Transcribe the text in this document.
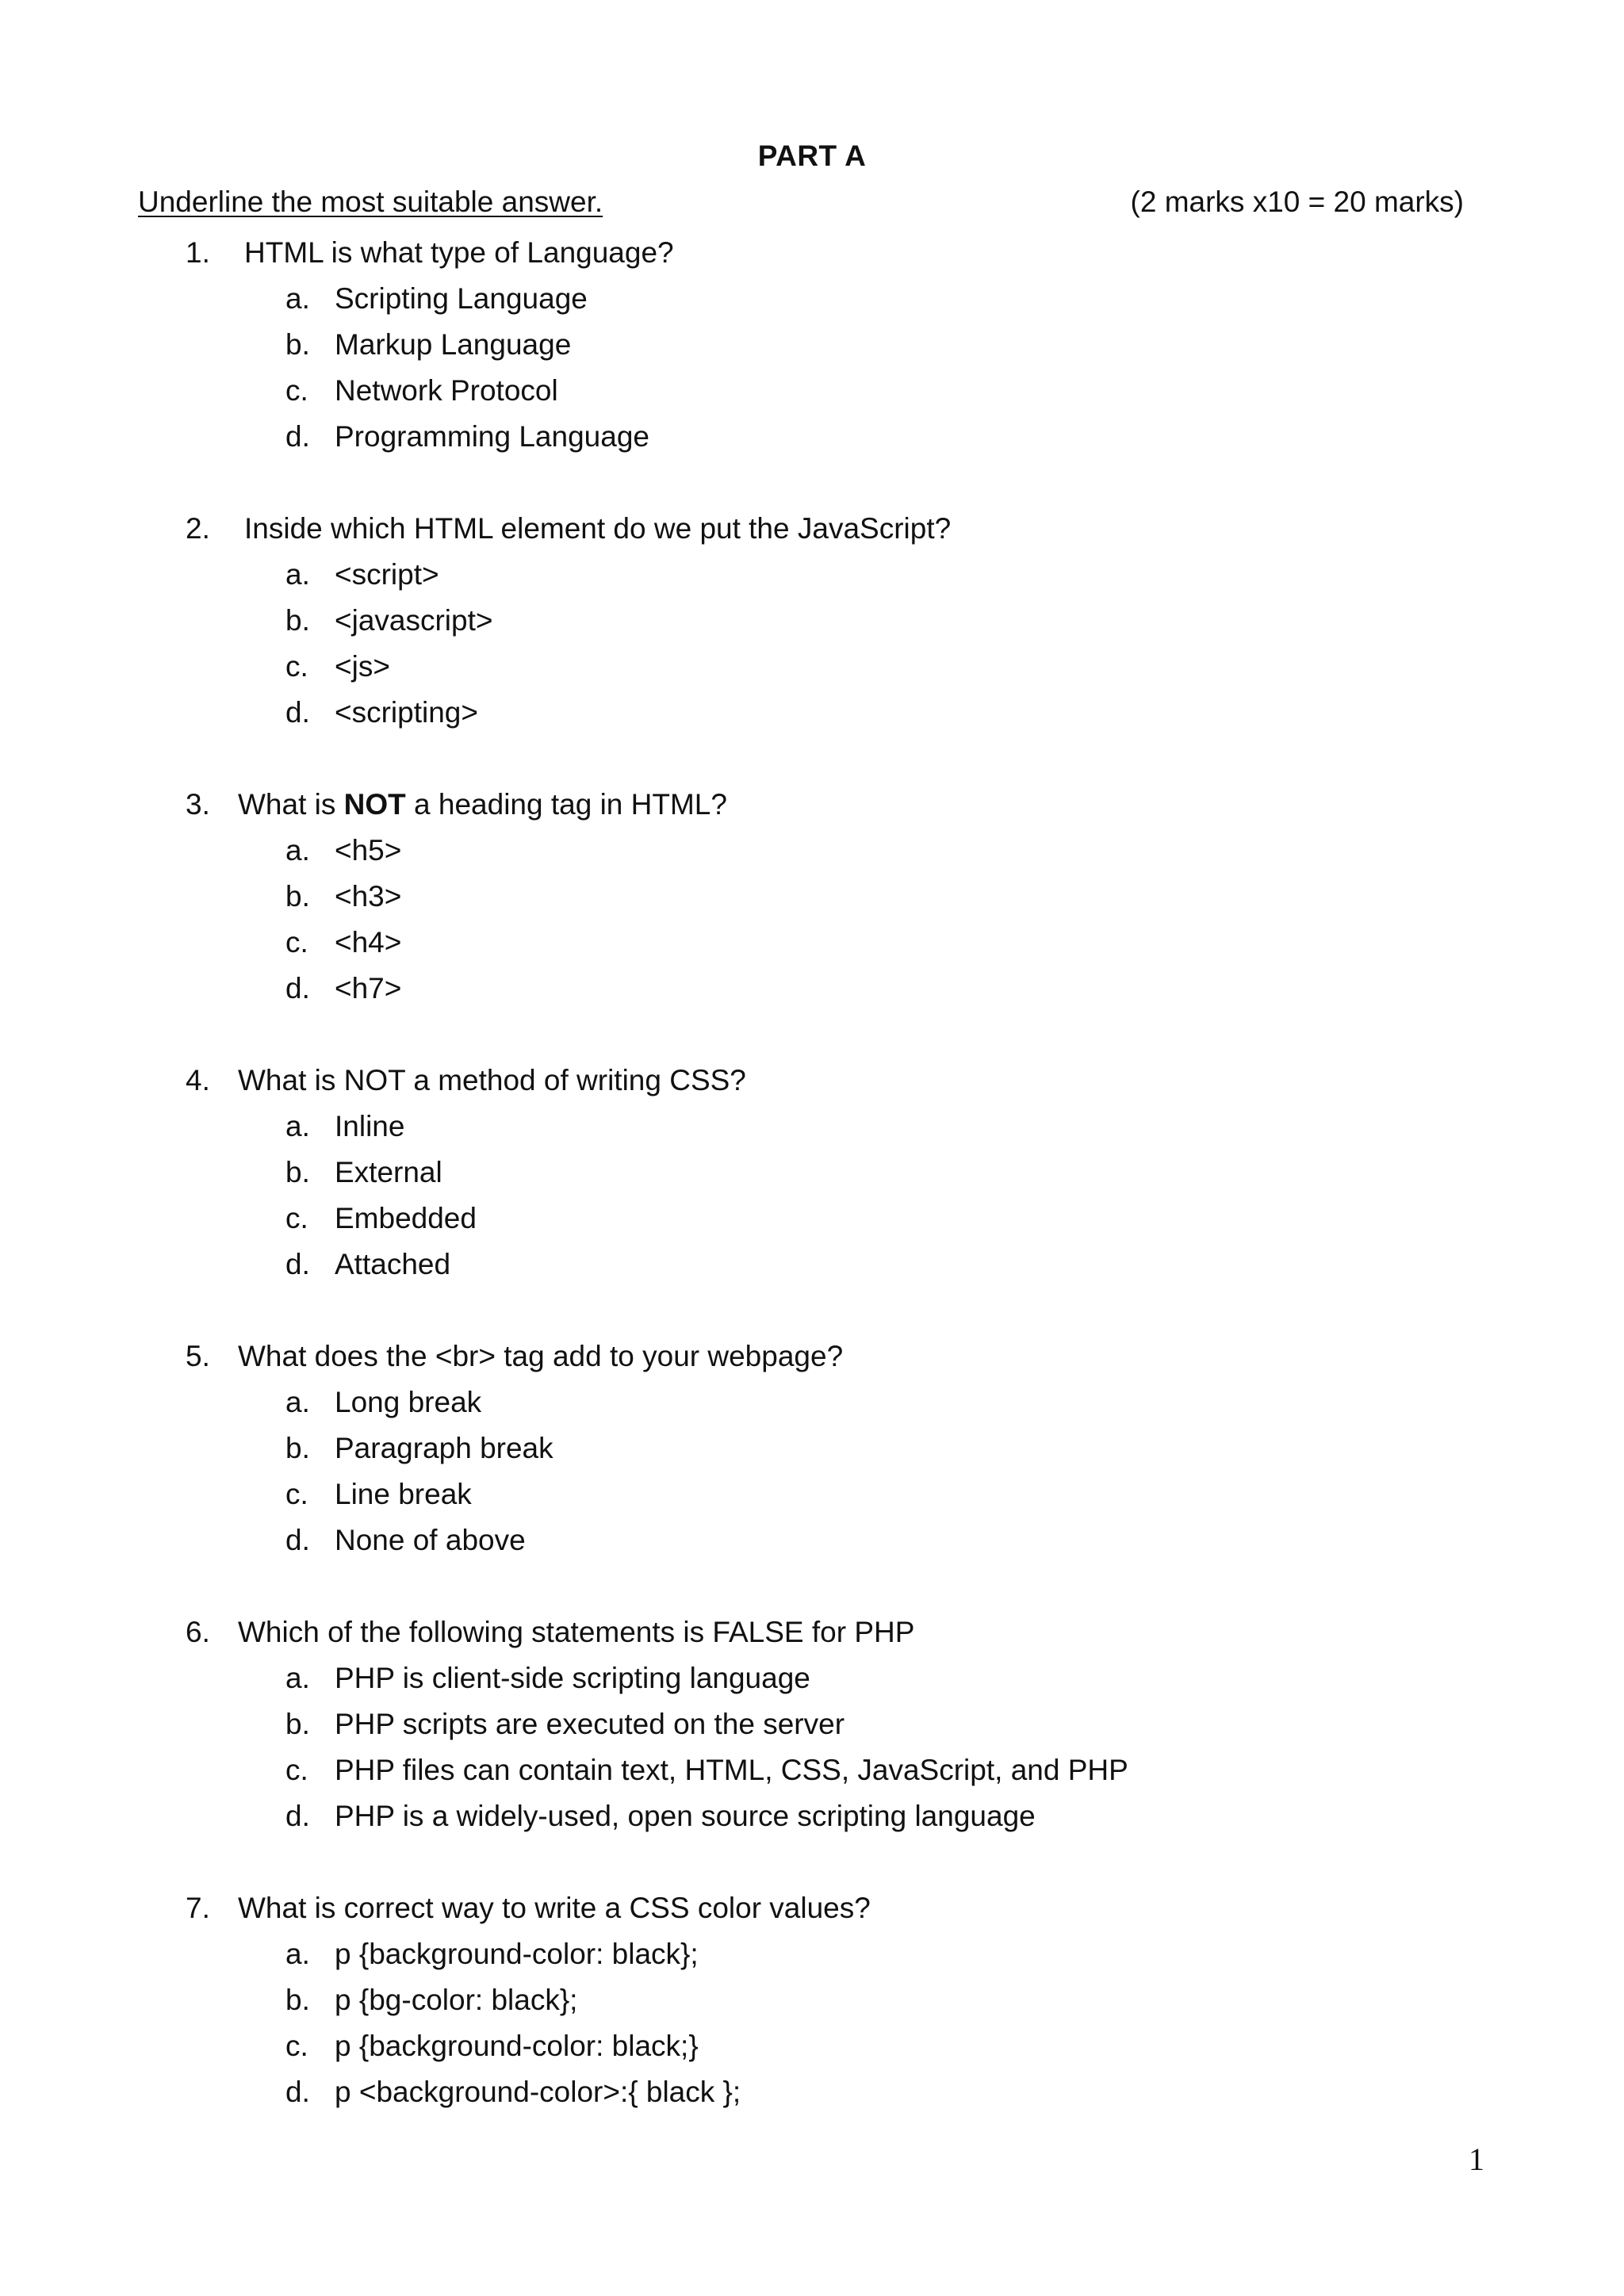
PART A
Underline the most suitable answer.	(2 marks x10 = 20 marks)
1. HTML is what type of Language?
a. Scripting Language
b. Markup Language
c. Network Protocol
d. Programming Language
2. Inside which HTML element do we put the JavaScript?
a. <script>
b. <javascript>
c. <js>
d. <scripting>
3. What is NOT a heading tag in HTML?
a. <h5>
b. <h3>
c. <h4>
d. <h7>
4. What is NOT a method of writing CSS?
a. Inline
b. External
c. Embedded
d. Attached
5. What does the <br> tag add to your webpage?
a. Long break
b. Paragraph break
c. Line break
d. None of above
6. Which of the following statements is FALSE for PHP
a. PHP is client-side scripting language
b. PHP scripts are executed on the server
c. PHP files can contain text, HTML, CSS, JavaScript, and PHP
d. PHP is a widely-used, open source scripting language
7. What is correct way to write a CSS color values?
a. p {background-color: black};
b. p {bg-color: black};
c. p {background-color: black;}
d. p <background-color>:{ black };
1
